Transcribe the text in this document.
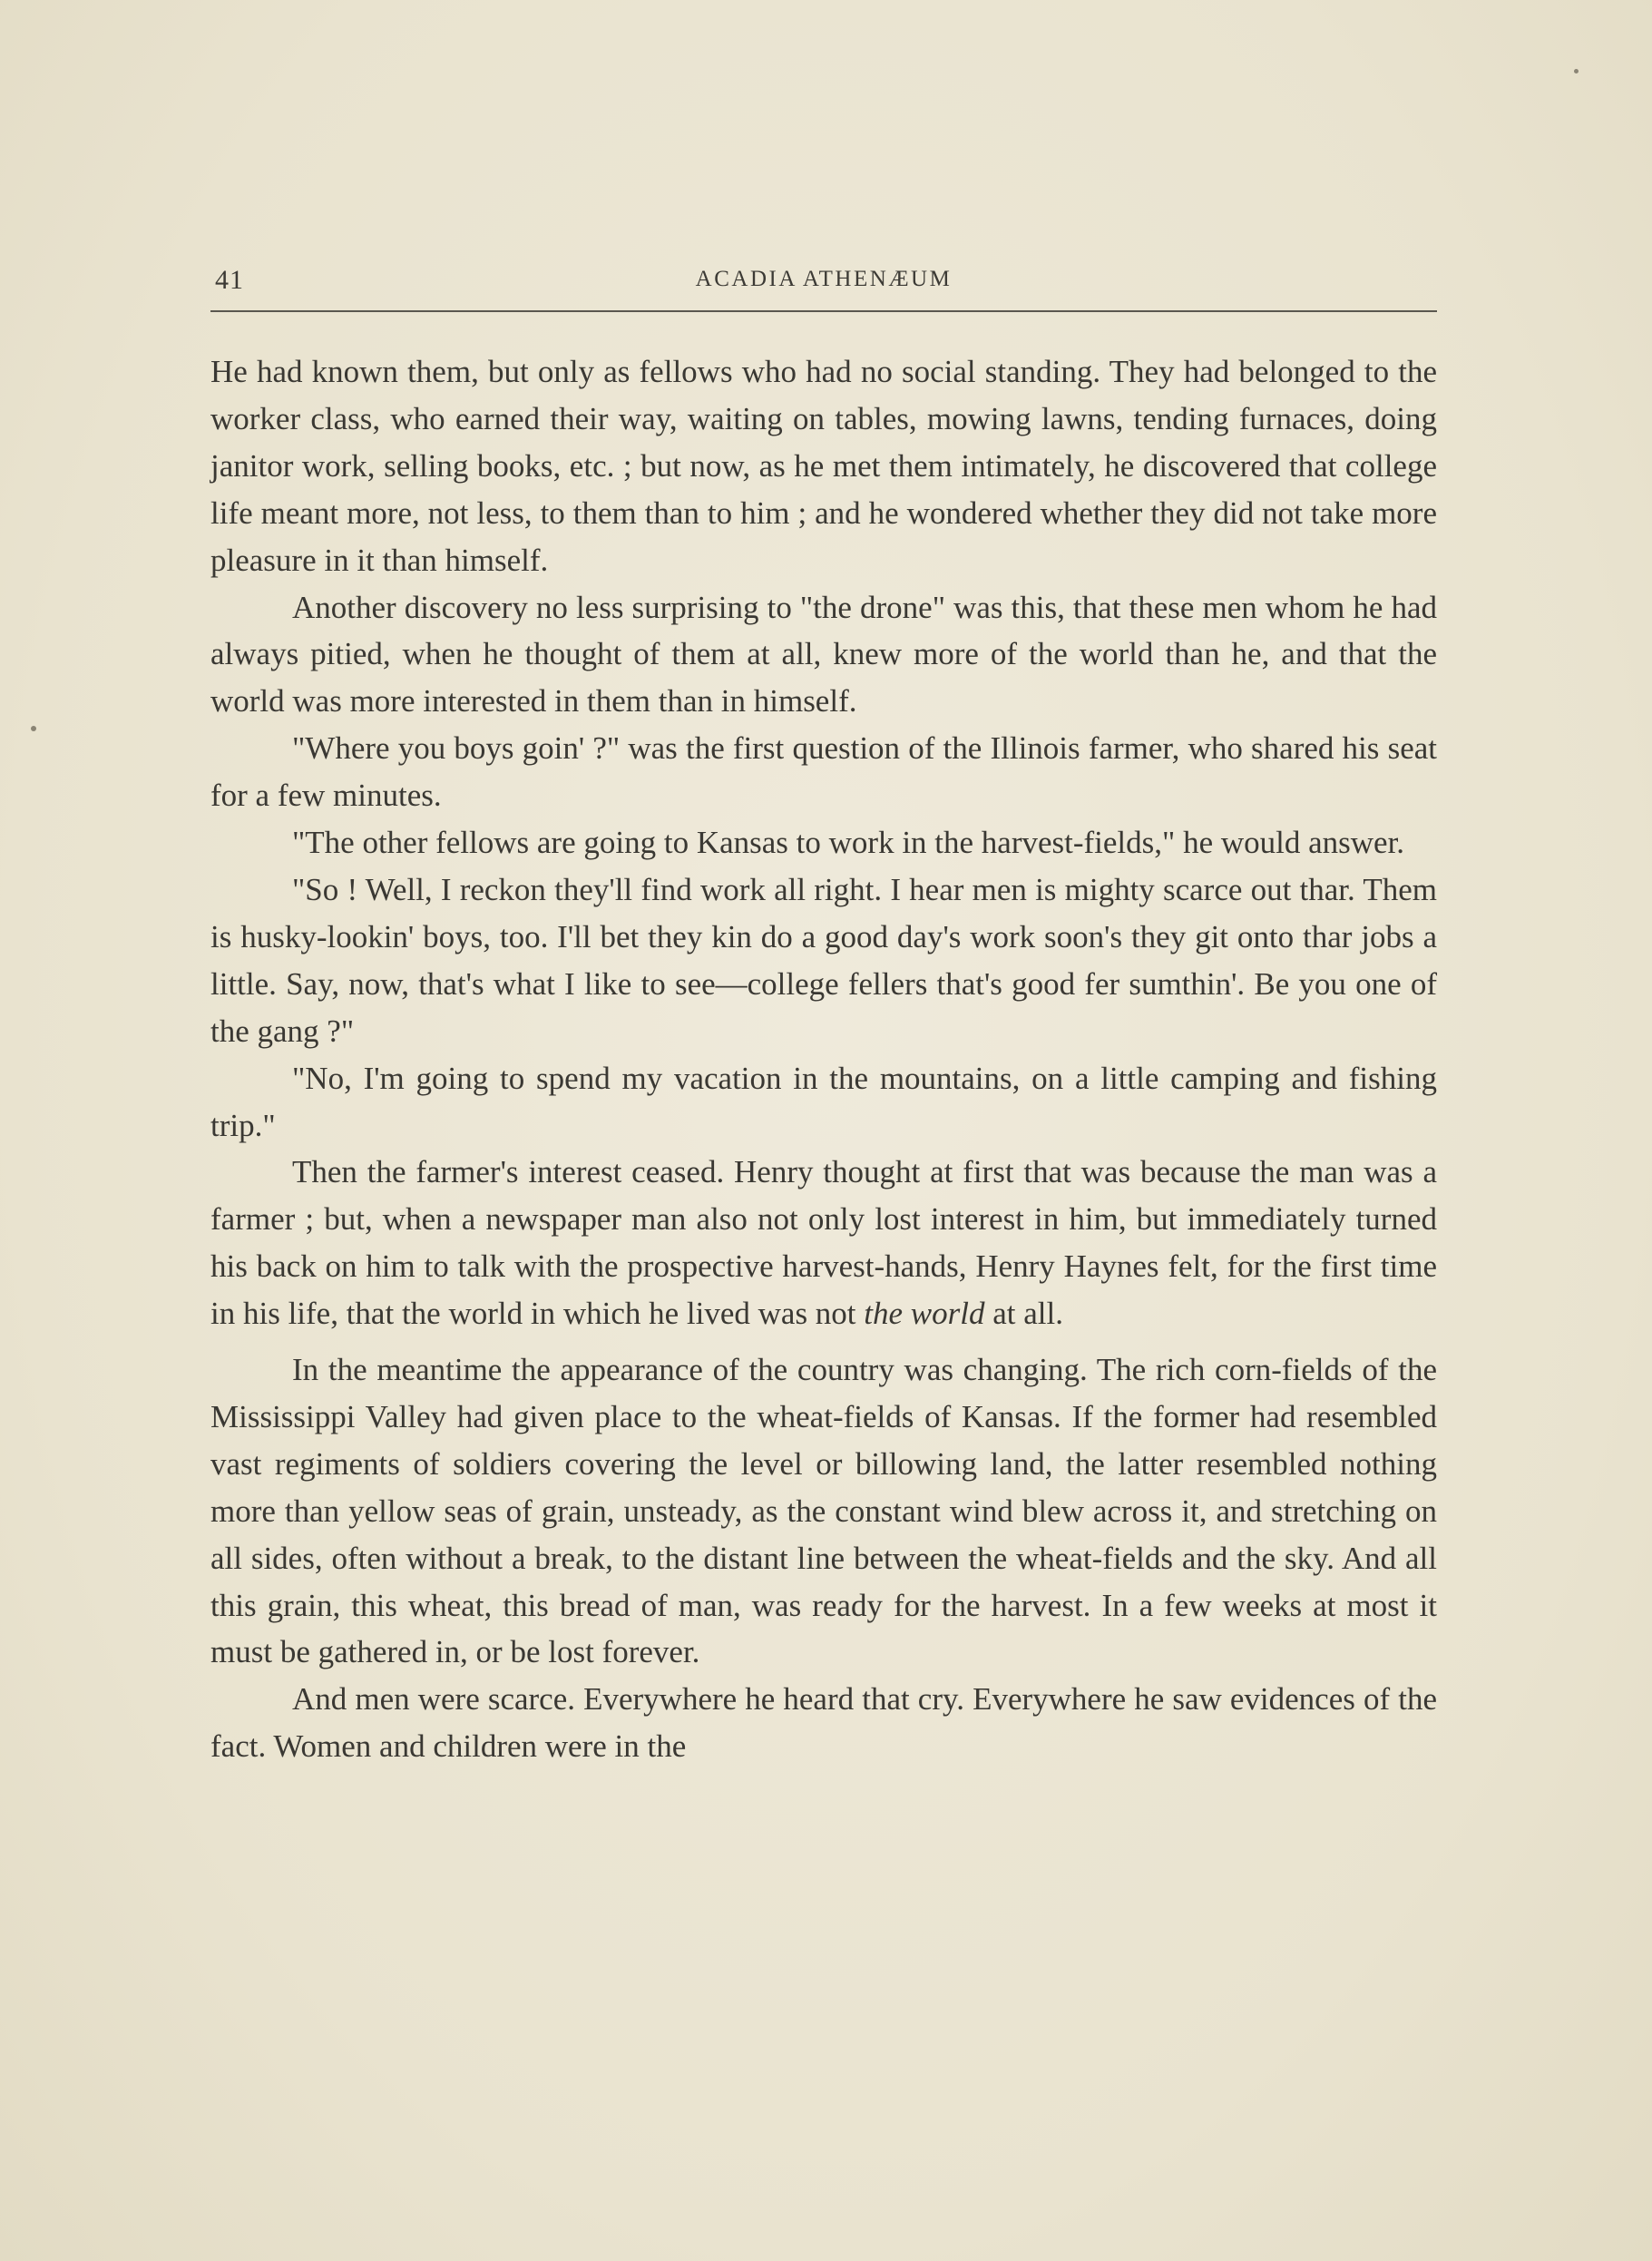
41	ACADIA ATHENÆUM

He had known them, but only as fellows who had no social standing. They had belonged to the worker class, who earned their way, waiting on tables, mowing lawns, tending furnaces, doing janitor work, selling books, etc. ; but now, as he met them intimately, he discovered that college life meant more, not less, to them than to him ; and he wondered whether they did not take more pleasure in it than himself.

Another discovery no less surprising to "the drone" was this, that these men whom he had always pitied, when he thought of them at all, knew more of the world than he, and that the world was more interested in them than in himself.

"Where you boys goin' ?" was the first question of the Illinois farmer, who shared his seat for a few minutes.

"The other fellows are going to Kansas to work in the harvest-fields," he would answer.

"So ! Well, I reckon they'll find work all right. I hear men is mighty scarce out thar. Them is husky-lookin' boys, too. I'll bet they kin do a good day's work soon's they git onto thar jobs a little. Say, now, that's what I like to see—college fellers that's good fer sumthin'. Be you one of the gang ?"

"No, I'm going to spend my vacation in the mountains, on a little camping and fishing trip."

Then the farmer's interest ceased. Henry thought at first that was because the man was a farmer ; but, when a newspaper man also not only lost interest in him, but immediately turned his back on him to talk with the prospective harvest-hands, Henry Haynes felt, for the first time in his life, that the world in which he lived was not the world at all.

In the meantime the appearance of the country was changing. The rich corn-fields of the Mississippi Valley had given place to the wheat-fields of Kansas. If the former had resembled vast regiments of soldiers covering the level or billowing land, the latter resembled nothing more than yellow seas of grain, unsteady, as the constant wind blew across it, and stretching on all sides, often without a break, to the distant line between the wheat-fields and the sky. And all this grain, this wheat, this bread of man, was ready for the harvest. In a few weeks at most it must be gathered in, or be lost forever.

And men were scarce. Everywhere he heard that cry. Everywhere he saw evidences of the fact. Women and children were in the
